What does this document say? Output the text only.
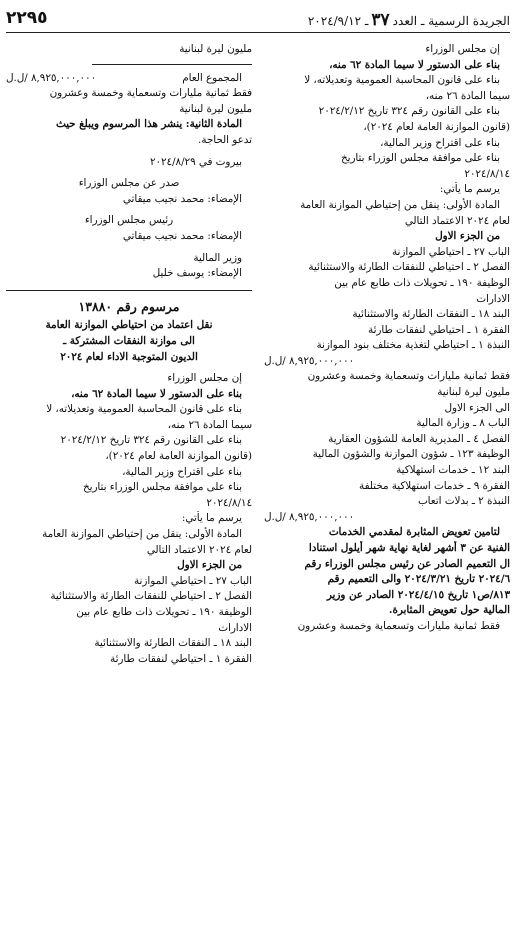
الجريدة الرسمية ـ العدد٣٧ـ ٢٠٢٤/٩/١٢
٢٢٩٥
إن مجلس الوزراء
بناء على الدستور لا سيما المادة ٦٢ منه،
بناء على قانون المحاسبة العمومية وتعديلاته، لا
سيما المادة ٢٦ منه،
بناء على القانون رقم ٣٢٤ تاريخ ٢٠٢٤/٢/١٢
(قانون الموازنة العامة لعام ٢٠٢٤)،
بناء على اقتراح وزير المالية،
بناء على موافقة مجلس الوزراء بتاريخ
٢٠٢٤/٨/١٤
يرسم ما يأتي:
المادة الأولى: ينقل من إحتياطي الموازنة العامة
لعام ٢٠٢٤ الاعتماد التالي
من الجزء الاول
الباب ٢٧ ـ احتياطي الموازنة
الفصل ٢ ـ احتياطي للنفقات الطارئة والاستثنائية
الوظيفة ١٩٠ ـ تحويلات ذات طابع عام بين
الادارات
البند ١٨ ـ النفقات الطارئة والاستثنائية
الفقرة ١ ـ احتياطي لنفقات طارئة
النبذة ١ ـ احتياطي لتغذية مختلف بنود الموازنة
٨,٩٢٥,٠٠٠,٠٠٠ /ل.ل
فقط ثمانية مليارات وتسعماية وخمسة وعشرون
مليون ليرة لبنانية
الى الجزء الاول
الباب ٨ ـ وزارة المالية
الفصل ٤ ـ المديرية العامة للشؤون العقارية
الوظيفة ١٢٣ ـ شؤون الموازنة والشؤون المالية
البند ١٢ ـ خدمات استهلاكية
الفقرة ٩ ـ خدمات استهلاكية مختلفة
النبذة ٢ ـ بدلات اتعاب
٨,٩٢٥,٠٠٠,٠٠٠ /ل.ل
لتامين تعويض المثابرة لمقدمي الخدمات
الفنية عن ٣ أشهر لغاية نهاية شهر أيلول استنادا
ال التعميم الصادر عن رئيس مجلس الوزراء رقم
٢٠٢٤/٦ تاريخ ٢٠٢٤/٣/٢١ والى التعميم رقم
٨١٣/ص١ تاريخ ٢٠٢٤/٤/١٥ الصادر عن وزير
المالية حول تعويض المثابرة.
فقط ثمانية مليارات وتسعماية وخمسة وعشرون
مليون ليرة لبنانية
المجموع العام
٨,٩٢٥,٠٠٠,٠٠٠ /ل.ل
فقط ثمانية مليارات وتسعماية وخمسة وعشرون
مليون ليرة لبنانية
المادة الثانية: ينشر هذا المرسوم ويبلغ حيث
تدعو الحاجة.
بيروت في ٢٠٢٤/٨/٢٩
صدر عن مجلس الوزراء
الإمضاء: محمد نجيب ميقاتي
رئيس مجلس الوزراء
الإمضاء: محمد نجيب ميقاتي
وزير المالية
الإمضاء: يوسف خليل
مرسوم رقم ١٣٨٨٠
نقل اعتماد من احتياطي الموازنة العامة
الى موازنة النفقات المشتركة ـ
الديون المتوجبة الاداء لعام ٢٠٢٤
إن مجلس الوزراء
بناء على الدستور لا سيما المادة ٦٢ منه،
بناء على قانون المحاسبة العمومية وتعديلاته، لا
سيما المادة ٢٦ منه،
بناء على القانون رقم ٣٢٤ تاريخ ٢٠٢٤/٢/١٢
(قانون الموازنة العامة لعام ٢٠٢٤)،
بناء على اقتراح وزير المالية،
بناء على موافقة مجلس الوزراء بتاريخ
٢٠٢٤/٨/١٤
يرسم ما يأتي:
المادة الأولى: ينقل من إحتياطي الموازنة العامة
لعام ٢٠٢٤ الاعتماد التالي
من الجزء الاول
الباب ٢٧ ـ احتياطي الموازنة
الفصل ٢ ـ احتياطي للنفقات الطارئة والاستثنائية
الوظيفة ١٩٠ ـ تحويلات ذات طابع عام بين
الادارات
البند ١٨ ـ النفقات الطارئة والاستثنائية
الفقرة ١ ـ احتياطي لنفقات طارئة
